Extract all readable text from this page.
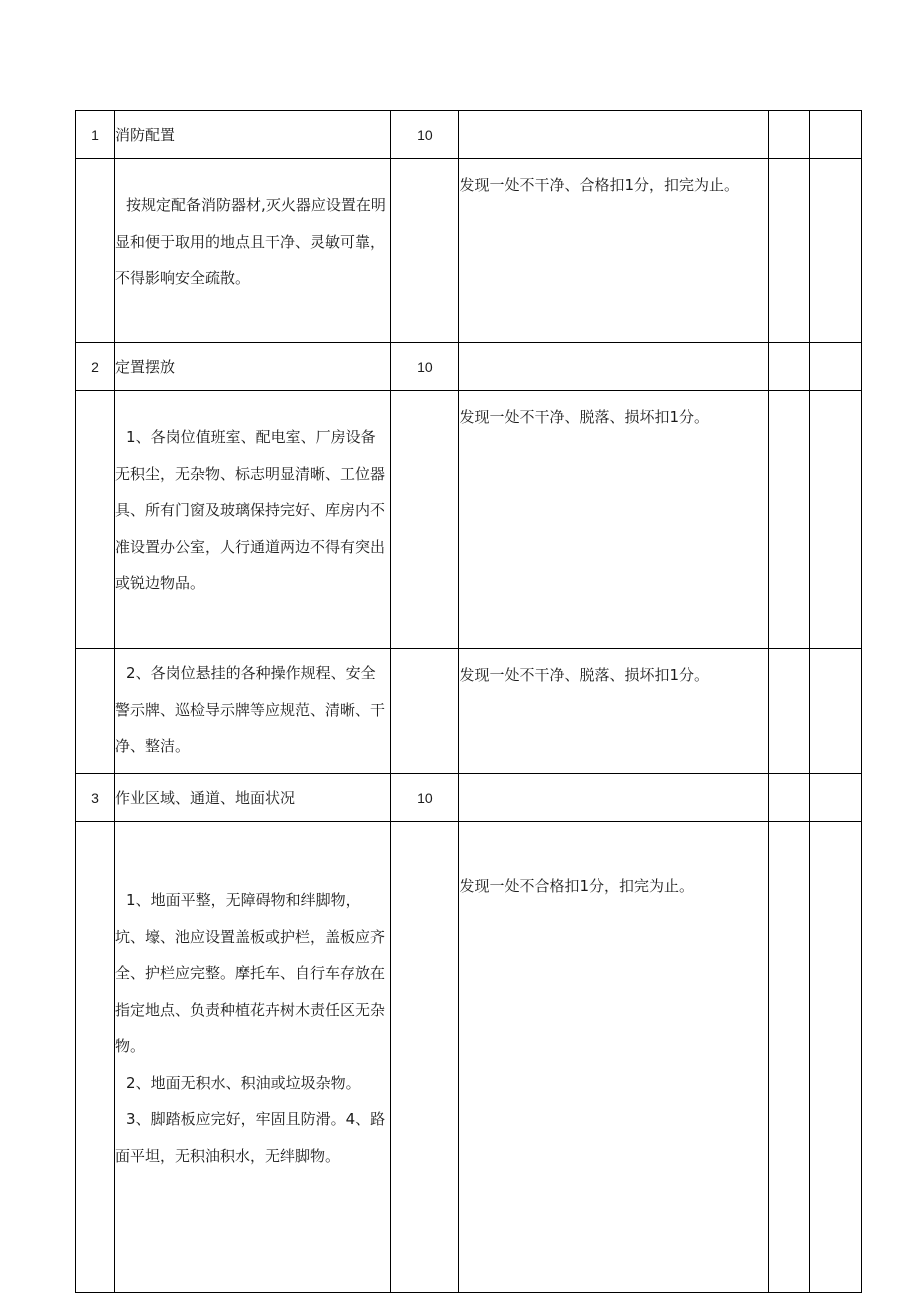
1	消防配置	10			

	按规定配备消防器材,灭火器应设置在明显和便于取用的地点且干净、灵敏可靠，不得影响安全疏散。		发现一处不干净、合格扣1分，扣完为止。		
2	定置摆放	10			

	1、各岗位值班室、配电室、厂房设备无积尘，无杂物、标志明显清晰、工位器具、所有门窗及玻璃保持完好、库房内不准设置办公室，人行通道两边不得有突出或锐边物品。		发现一处不干净、脱落、损坏扣1分。		

	2、各岗位悬挂的各种操作规程、安全警示牌、巡检导示牌等应规范、清晰、干净、整洁。		发现一处不干净、脱落、损坏扣1分。		
3	作业区域、通道、地面状况	10			

	1、地面平整，无障碍物和绊脚物，坑、壕、池应设置盖板或护栏，盖板应齐全、护栏应完整。摩托车、自行车存放在指定地点、负责种植花卉树木责任区无杂物。

2、地面无积水、积油或垃圾杂物。

3、脚踏板应完好，牢固且防滑。4、路面平坦，无积油积水，无绊脚物。		发现一处不合格扣1分，扣完为止。		
